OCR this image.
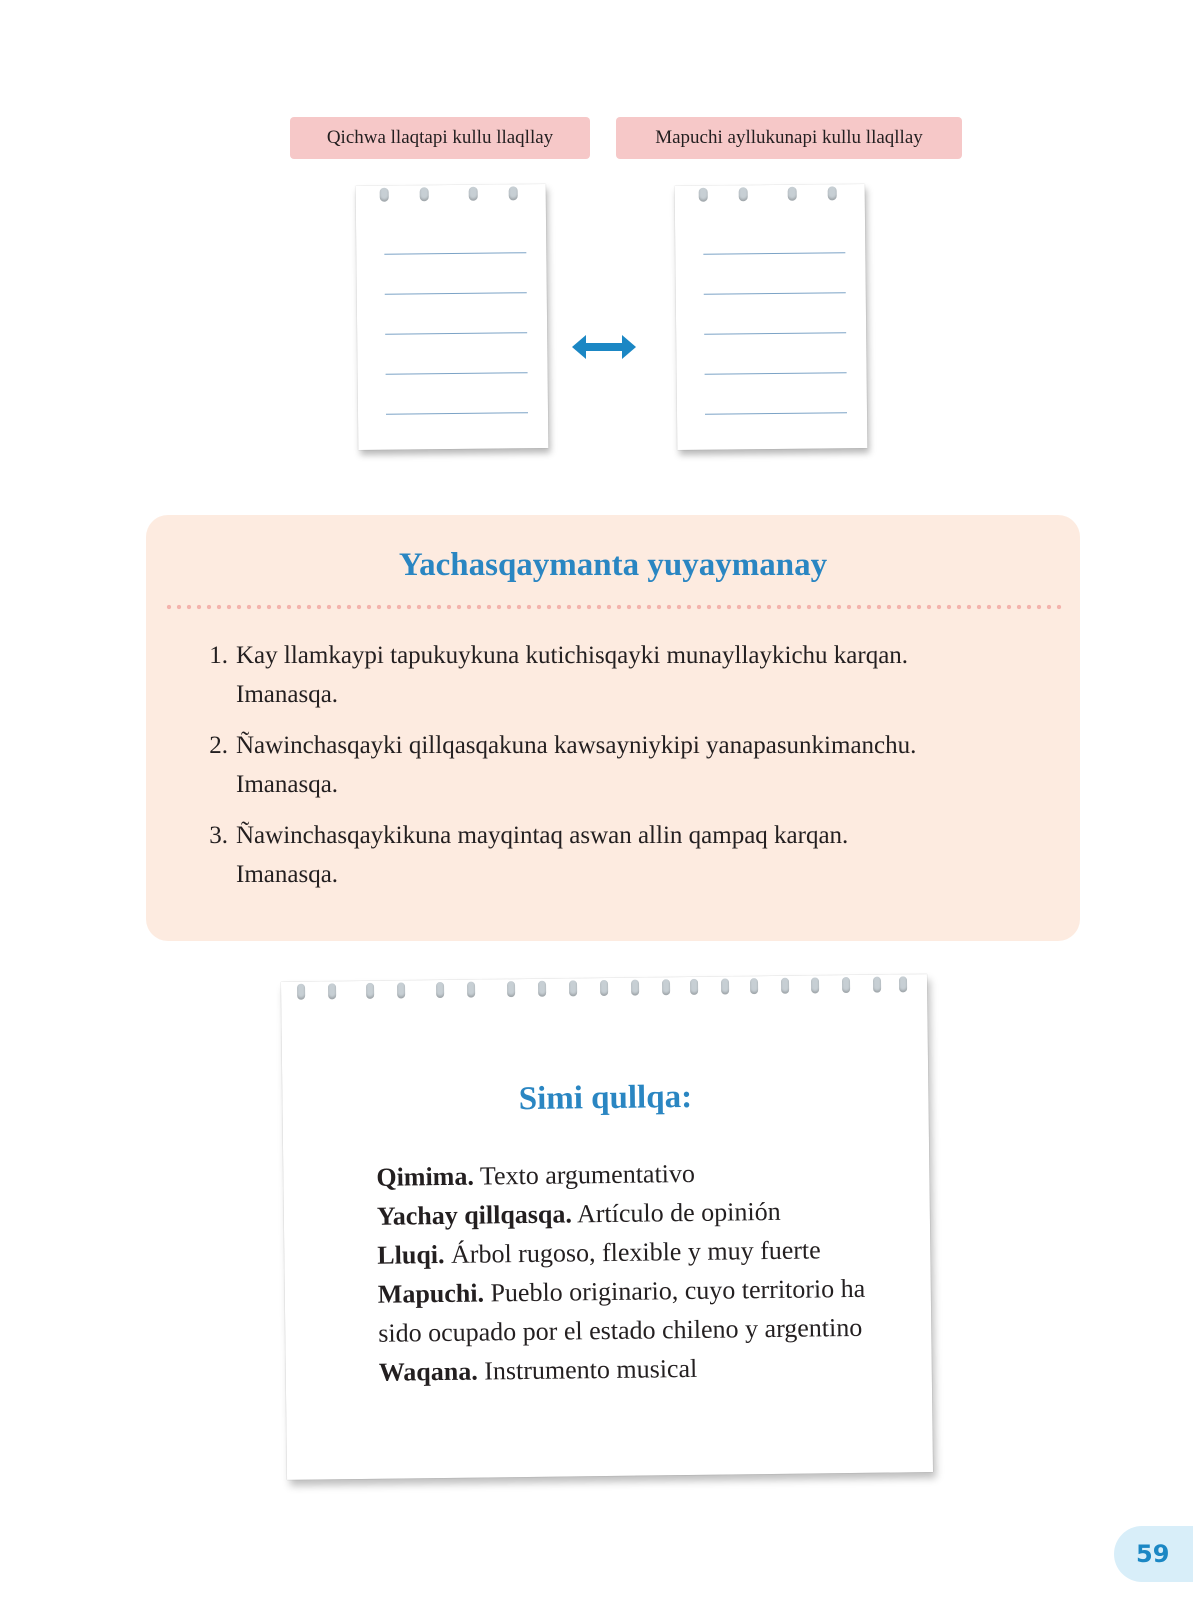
Qichwa llaqtapi kullu llaqllay	Mapuchi ayllukunapi kullu llaqllay
Yachasqaymanta yuyaymanay
1. Kay llamkaypi tapukuykuna kutichisqayki munayllaykichu karqan.
Imanasqa.
2. Ñawinchasqayki qillqasqakuna kawsayniykipi yanapasunkimanchu.
Imanasqa.
3. Ñawinchasqaykikuna mayqintaq aswan allin qampaq karqan.
Imanasqa.
Simi qullqa:
Qimima. Texto argumentativo
Yachay qillqasqa. Artículo de opinión
Lluqi. Árbol rugoso, flexible y muy fuerte
Mapuchi. Pueblo originario, cuyo territorio ha sido ocupado por el estado chileno y argentino
Waqana. Instrumento musical
59
